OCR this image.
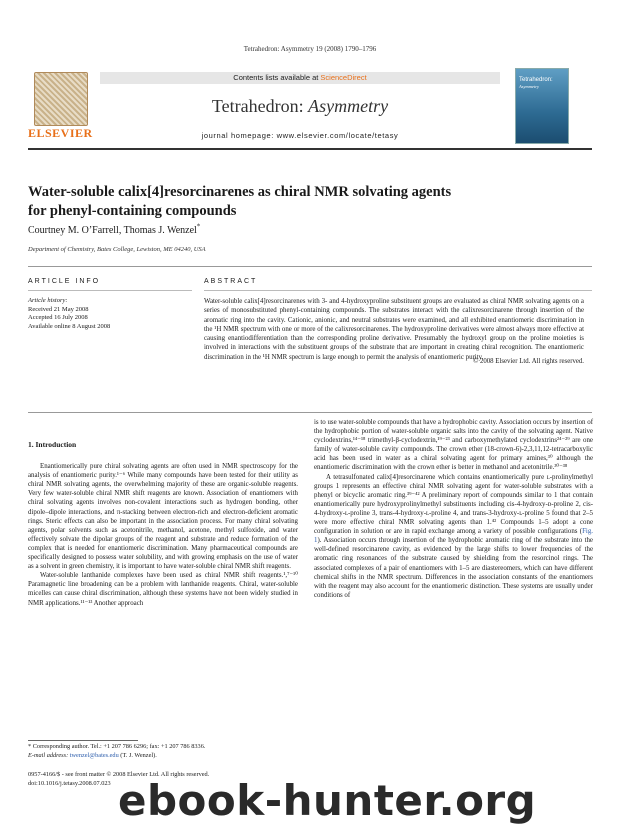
Tetrahedron: Asymmetry 19 (2008) 1790–1796
ELSEVIER
Contents lists available at ScienceDirect
Tetrahedron: Asymmetry
journal homepage: www.elsevier.com/locate/tetasy
Tetrahedron:
Asymmetry
Water-soluble calix[4]resorcinarenes as chiral NMR solvating agents
for phenyl-containing compounds
Courtney M. O’Farrell, Thomas J. Wenzel*
Department of Chemistry, Bates College, Lewiston, ME 04240, USA
ARTICLE INFO	ABSTRACT
Article history:
Received 21 May 2008
Accepted 16 July 2008
Available online 8 August 2008
Water-soluble calix[4]resorcinarenes with 3- and 4-hydroxyproline substituent groups are evaluated as chiral NMR solvating agents on a series of monosubstituted phenyl-containing compounds. The substrates interact with the calixresorcinarene through insertion of the aromatic ring into the cavity. Cationic, anionic, and neutral substrates were examined, and all exhibited enantiomeric discrimination in the ¹H NMR spectrum with one or more of the calixresorcinarenes. The hydroxyproline derivatives were almost always more effective at causing enantiodifferentiation than the corresponding proline derivative. Presumably the hydroxyl group on the proline moieties is involved in interactions with the substituent groups of the substrate that are important in creating chiral recognition. The enantiomeric discrimination in the ¹H NMR spectrum is large enough to permit the analysis of enantiomeric purity.
© 2008 Elsevier Ltd. All rights reserved.
1. Introduction

Enantiomerically pure chiral solvating agents are often used in NMR spectroscopy for the analysis of enantiomeric purity.¹⁻⁶ While many compounds have been tested for their utility as chiral NMR solvating agents, the overwhelming majority of these are organic-soluble reagents. Very few water-soluble chiral NMR shift reagents are known. Association of enantiomers with chiral solvating agents involves non-covalent interactions such as hydrogen bonding, other dipole–dipole interactions, and π-stacking between electron-rich and electron-deficient aromatic rings. Steric effects can also be important in the association process. For many chiral solvating agents, polar solvents such as acetonitrile, methanol, acetone, methyl sulfoxide, and water effectively solvate the dipolar groups of the reagent and substrate and reduce formation of the complex that is needed for enantiomeric discrimination. Many pharmaceutical compounds are specifically designed to possess water solubility, and with growing emphasis on the use of water as a solvent in green chemistry, it is important to have water-soluble chiral NMR shift reagents.

Water-soluble lanthanide complexes have been used as chiral NMR shift reagents.¹,⁷⁻¹⁰ Paramagnetic line broadening can be a problem with lanthanide reagents. Chiral, water-soluble micelles can cause chiral discrimination, although these systems have not been widely studied in NMR applications.¹¹⁻¹³ Another approach

is to use water-soluble compounds that have a hydrophobic cavity. Association occurs by insertion of the hydrophobic portion of water-soluble organic salts into the cavity of the solvating agent. Native cyclodextrins,¹⁴⁻¹⁸ trimethyl-β-cyclodextrin,¹⁹⁻²³ and carboxymethylated cyclodextrins²⁴⁻²⁹ are one family of water-soluble cavity compounds. The crown ether (18-crown-6)-2,3,11,12-tetracarboxylic acid has been used in water as a chiral solvating agent for primary amines,³⁰ although the enantiomeric discrimination with the crown ether is better in methanol and acetonitrile.³⁰⁻³⁸

A tetrasulfonated calix[4]resorcinarene which contains enantiomerically pure ʟ-prolinylmethyl groups 1 represents an effective chiral NMR solvating agent for water-soluble substrates with a phenyl or bicyclic aromatic ring.³⁹⁻⁴² A preliminary report of compounds similar to 1 that contain enantiomerically pure hydroxyprolinylmethyl substituents including cis-4-hydroxy-ᴅ-proline 2, cis-4-hydroxy-ʟ-proline 3, trans-4-hydroxy-ʟ-proline 4, and trans-3-hydroxy-ʟ-proline 5 found that 2–5 were more effective chiral NMR solvating agents than 1.⁴² Compounds 1–5 adopt a cone configuration in solution or are in rapid exchange among a variety of possible configurations (Fig. 1). Association occurs through insertion of the hydrophobic aromatic ring of the substrate into the well-defined resorcinarene cavity, as evidenced by the large shifts to lower frequencies of the aromatic ring resonances of the substrate caused by shielding from the resorcinol rings. The associated complexes of a pair of enantiomers with 1–5 are diastereomers, which can have different chemical shifts in the NMR spectrum. Differences in the association constants of the enantiomers with the reagent may also account for the enantiomeric distinction. These systems are usually under conditions of

* Corresponding author. Tel.: +1 207 786 6296; fax: +1 207 786 8336.
E-mail address: twenzel@bates.edu (T. J. Wenzel).
0957-4166/$ - see front matter © 2008 Elsevier Ltd. All rights reserved.
doi:10.1016/j.tetasy.2008.07.023 ebook-hunter.org
